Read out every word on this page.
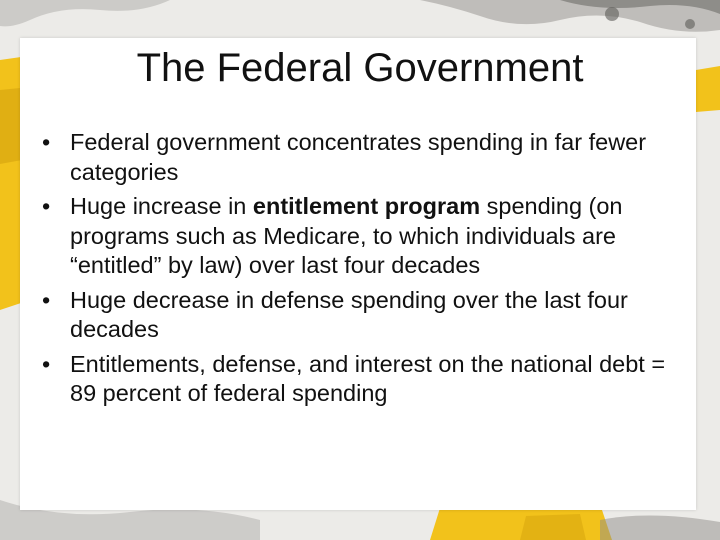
The Federal Government
• Federal government concentrates spending in far fewer categories
• Huge increase in entitlement program spending (on programs such as Medicare, to which individuals are “entitled” by law) over last four decades
• Huge decrease in defense spending over the last four decades
• Entitlements, defense, and interest on the national debt = 89 percent of federal spending
